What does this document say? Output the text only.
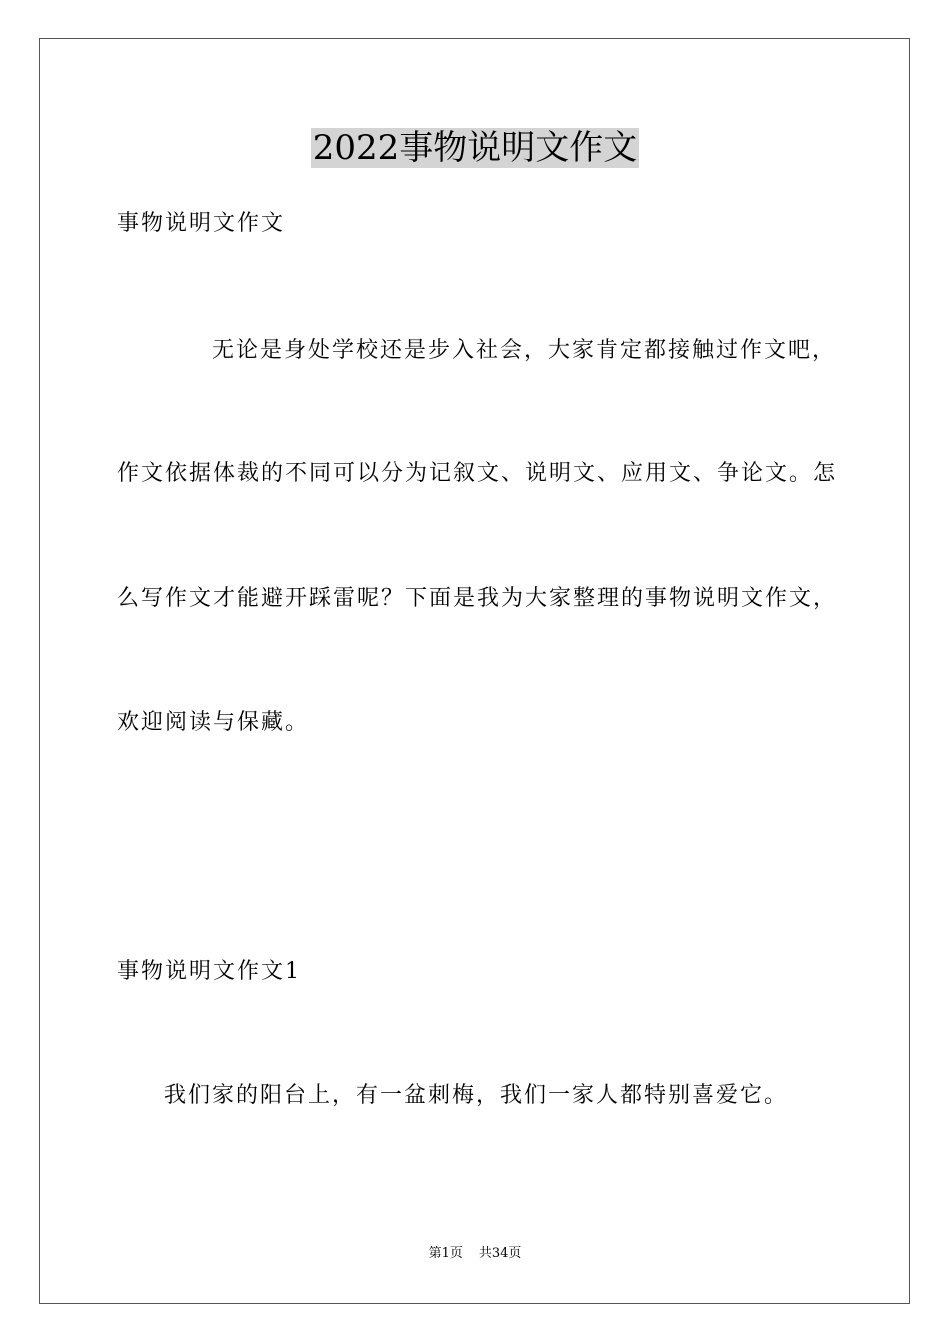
2022事物说明文作文
事物说明文作文
无论是身处学校还是步入社会，大家肯定都接触过作文吧，
作文依据体裁的不同可以分为记叙文、说明文、应用文、争论文。怎
么写作文才能避开踩雷呢？下面是我为大家整理的事物说明文作文，
欢迎阅读与保藏。
事物说明文作文1
我们家的阳台上，有一盆刺梅，我们一家人都特别喜爱它。
第1页 共34页
